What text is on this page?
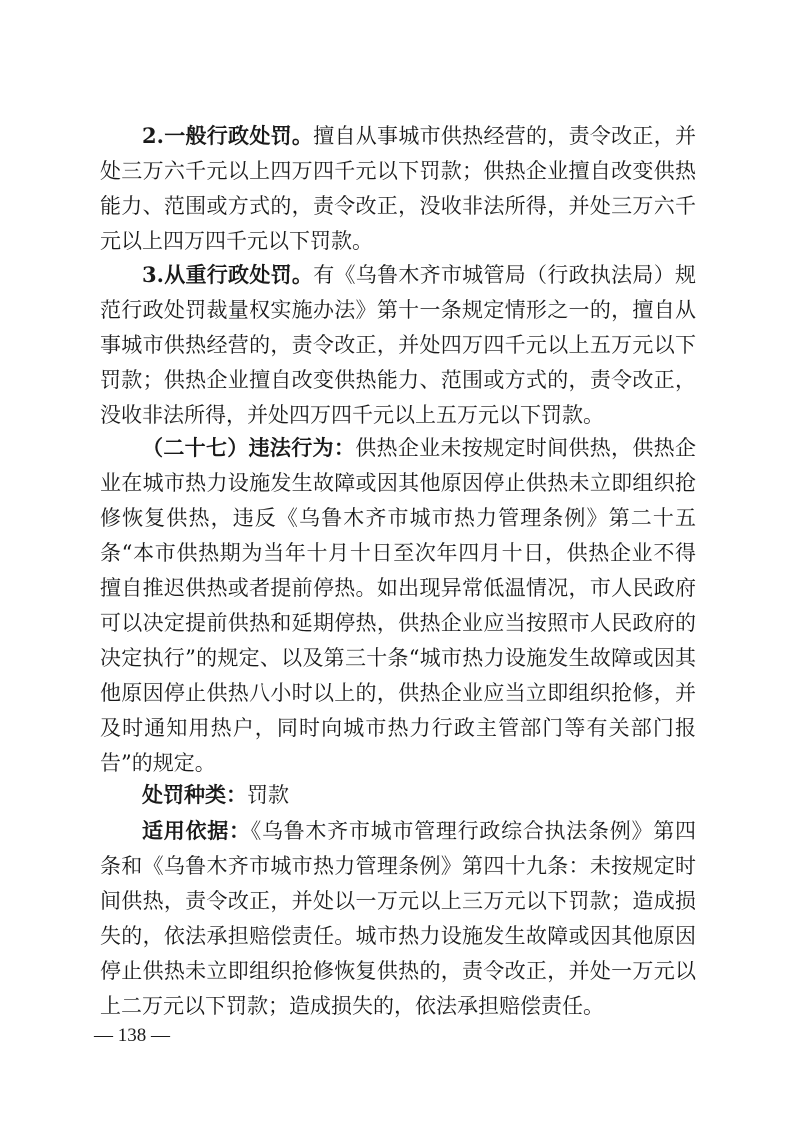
2.一般行政处罚。擅自从事城市供热经营的，责令改正，并处三万六千元以上四万四千元以下罚款；供热企业擅自改变供热能力、范围或方式的，责令改正，没收非法所得，并处三万六千元以上四万四千元以下罚款。

3.从重行政处罚。有《乌鲁木齐市城管局（行政执法局）规范行政处罚裁量权实施办法》第十一条规定情形之一的，擅自从事城市供热经营的，责令改正，并处四万四千元以上五万元以下罚款；供热企业擅自改变供热能力、范围或方式的，责令改正，没收非法所得，并处四万四千元以上五万元以下罚款。

（二十七）违法行为：供热企业未按规定时间供热，供热企业在城市热力设施发生故障或因其他原因停止供热未立即组织抢修恢复供热，违反《乌鲁木齐市城市热力管理条例》第二十五条“本市供热期为当年十月十日至次年四月十日，供热企业不得擅自推迟供热或者提前停热。如出现异常低温情况，市人民政府可以决定提前供热和延期停热，供热企业应当按照市人民政府的决定执行”的规定、以及第三十条“城市热力设施发生故障或因其他原因停止供热八小时以上的，供热企业应当立即组织抢修，并及时通知用热户，同时向城市热力行政主管部门等有关部门报告”的规定。

处罚种类：罚款

适用依据：《乌鲁木齐市城市管理行政综合执法条例》第四条和《乌鲁木齐市城市热力管理条例》第四十九条：未按规定时间供热，责令改正，并处以一万元以上三万元以下罚款；造成损失的，依法承担赔偿责任。城市热力设施发生故障或因其他原因停止供热未立即组织抢修恢复供热的，责令改正，并处一万元以上二万元以下罚款；造成损失的，依法承担赔偿责任。

— 138 —
